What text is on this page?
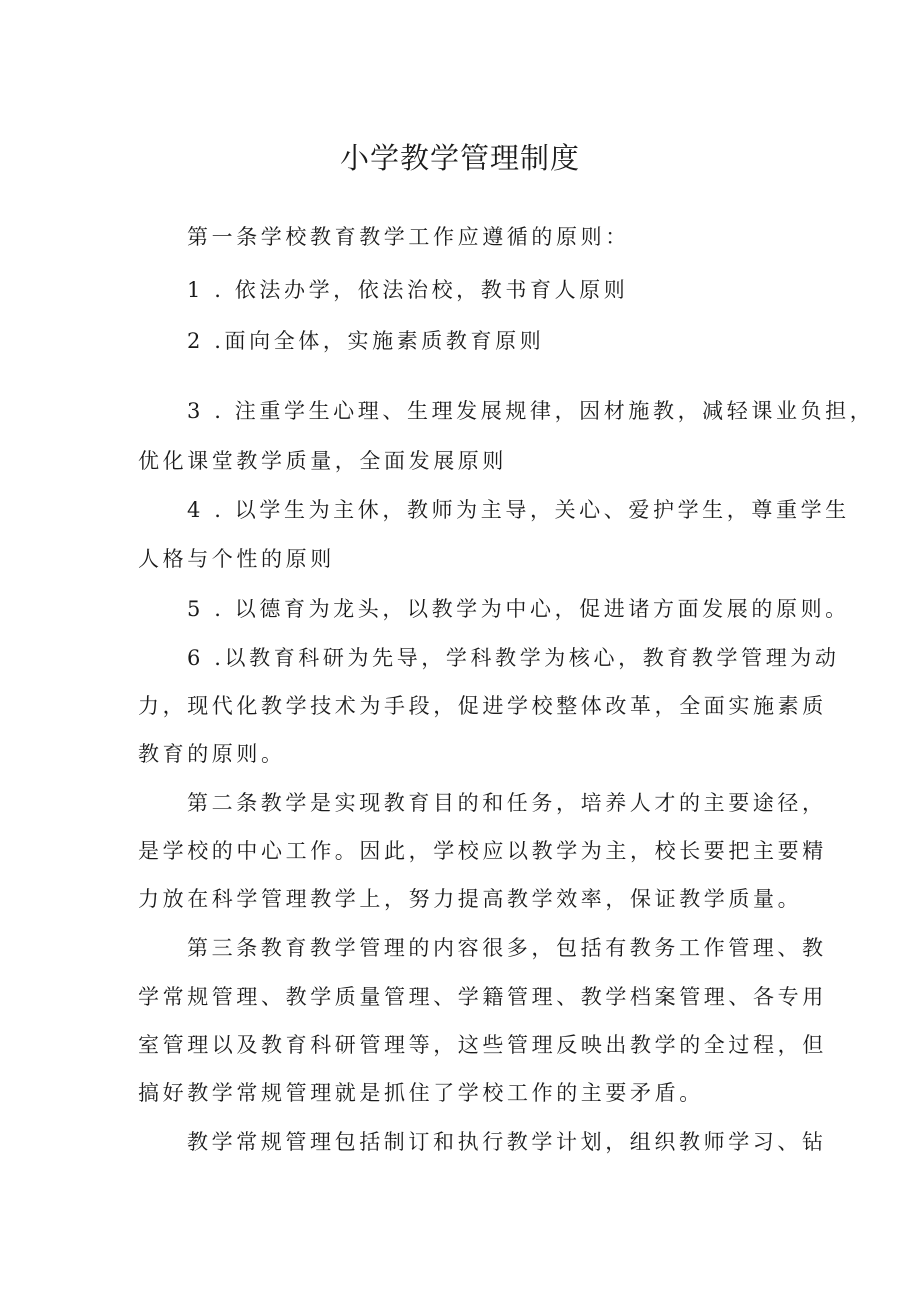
小学教学管理制度

第一条学校教育教学工作应遵循的原则：

1 . 依法办学，依法治校，教书育人原则

2 .面向全体，实施素质教育原则

3 . 注重学生心理、生理发展规律，因材施教，减轻课业负担，

优化课堂教学质量，全面发展原则

4 . 以学生为主休，教师为主导，关心、爱护学生，尊重学生

人格与个性的原则

5 . 以德育为龙头，以教学为中心，促进诸方面发展的原则。

6 .以教育科研为先导，学科教学为核心，教育教学管理为动

力，现代化教学技术为手段，促进学校整体改革，全面实施素质

教育的原则。

第二条教学是实现教育目的和任务，培养人才的主要途径，

是学校的中心工作。因此，学校应以教学为主，校长要把主要精

力放在科学管理教学上，努力提高教学效率，保证教学质量。

第三条教育教学管理的内容很多，包括有教务工作管理、教

学常规管理、教学质量管理、学籍管理、教学档案管理、各专用

室管理以及教育科研管理等，这些管理反映出教学的全过程，但

搞好教学常规管理就是抓住了学校工作的主要矛盾。

教学常规管理包括制订和执行教学计划，组织教师学习、钻
